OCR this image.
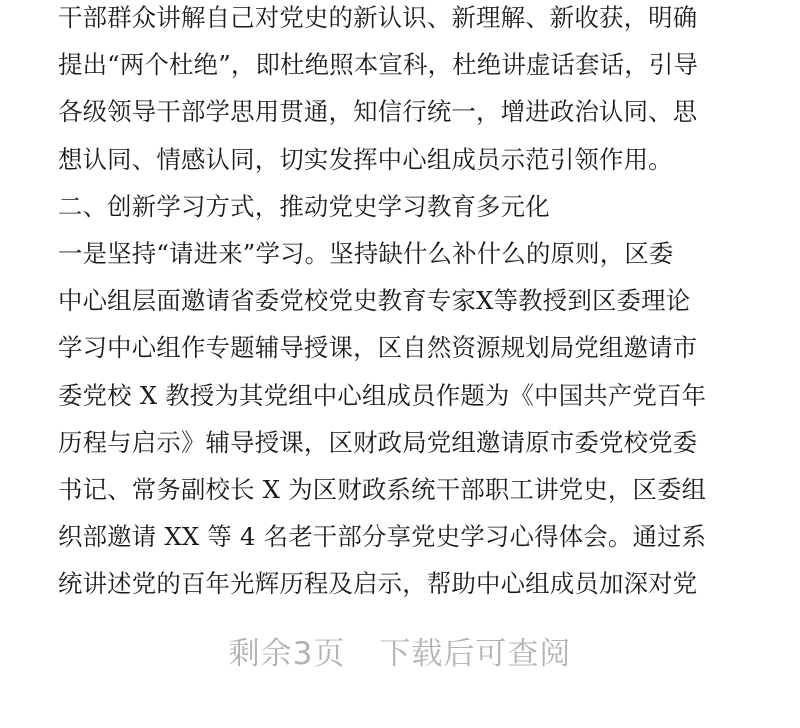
干部群众讲解自己对党史的新认识、新理解、新收获，明确
提出“两个杜绝”，即杜绝照本宣科，杜绝讲虚话套话，引导
各级领导干部学思用贯通，知信行统一，增进政治认同、思
想认同、情感认同，切实发挥中心组成员示范引领作用。
二、创新学习方式，推动党史学习教育多元化
一是坚持“请进来”学习。坚持缺什么补什么的原则，区委
中心组层面邀请省委党校党史教育专家X等教授到区委理论
学习中心组作专题辅导授课，区自然资源规划局党组邀请市
委党校 X 教授为其党组中心组成员作题为《中国共产党百年
历程与启示》辅导授课，区财政局党组邀请原市委党校党委
书记、常务副校长 X 为区财政系统干部职工讲党史，区委组
织部邀请 XX 等 4 名老干部分享党史学习心得体会。通过系
统讲述党的百年光辉历程及启示，帮助中心组成员加深对党
剩余3页 下载后可查阅
